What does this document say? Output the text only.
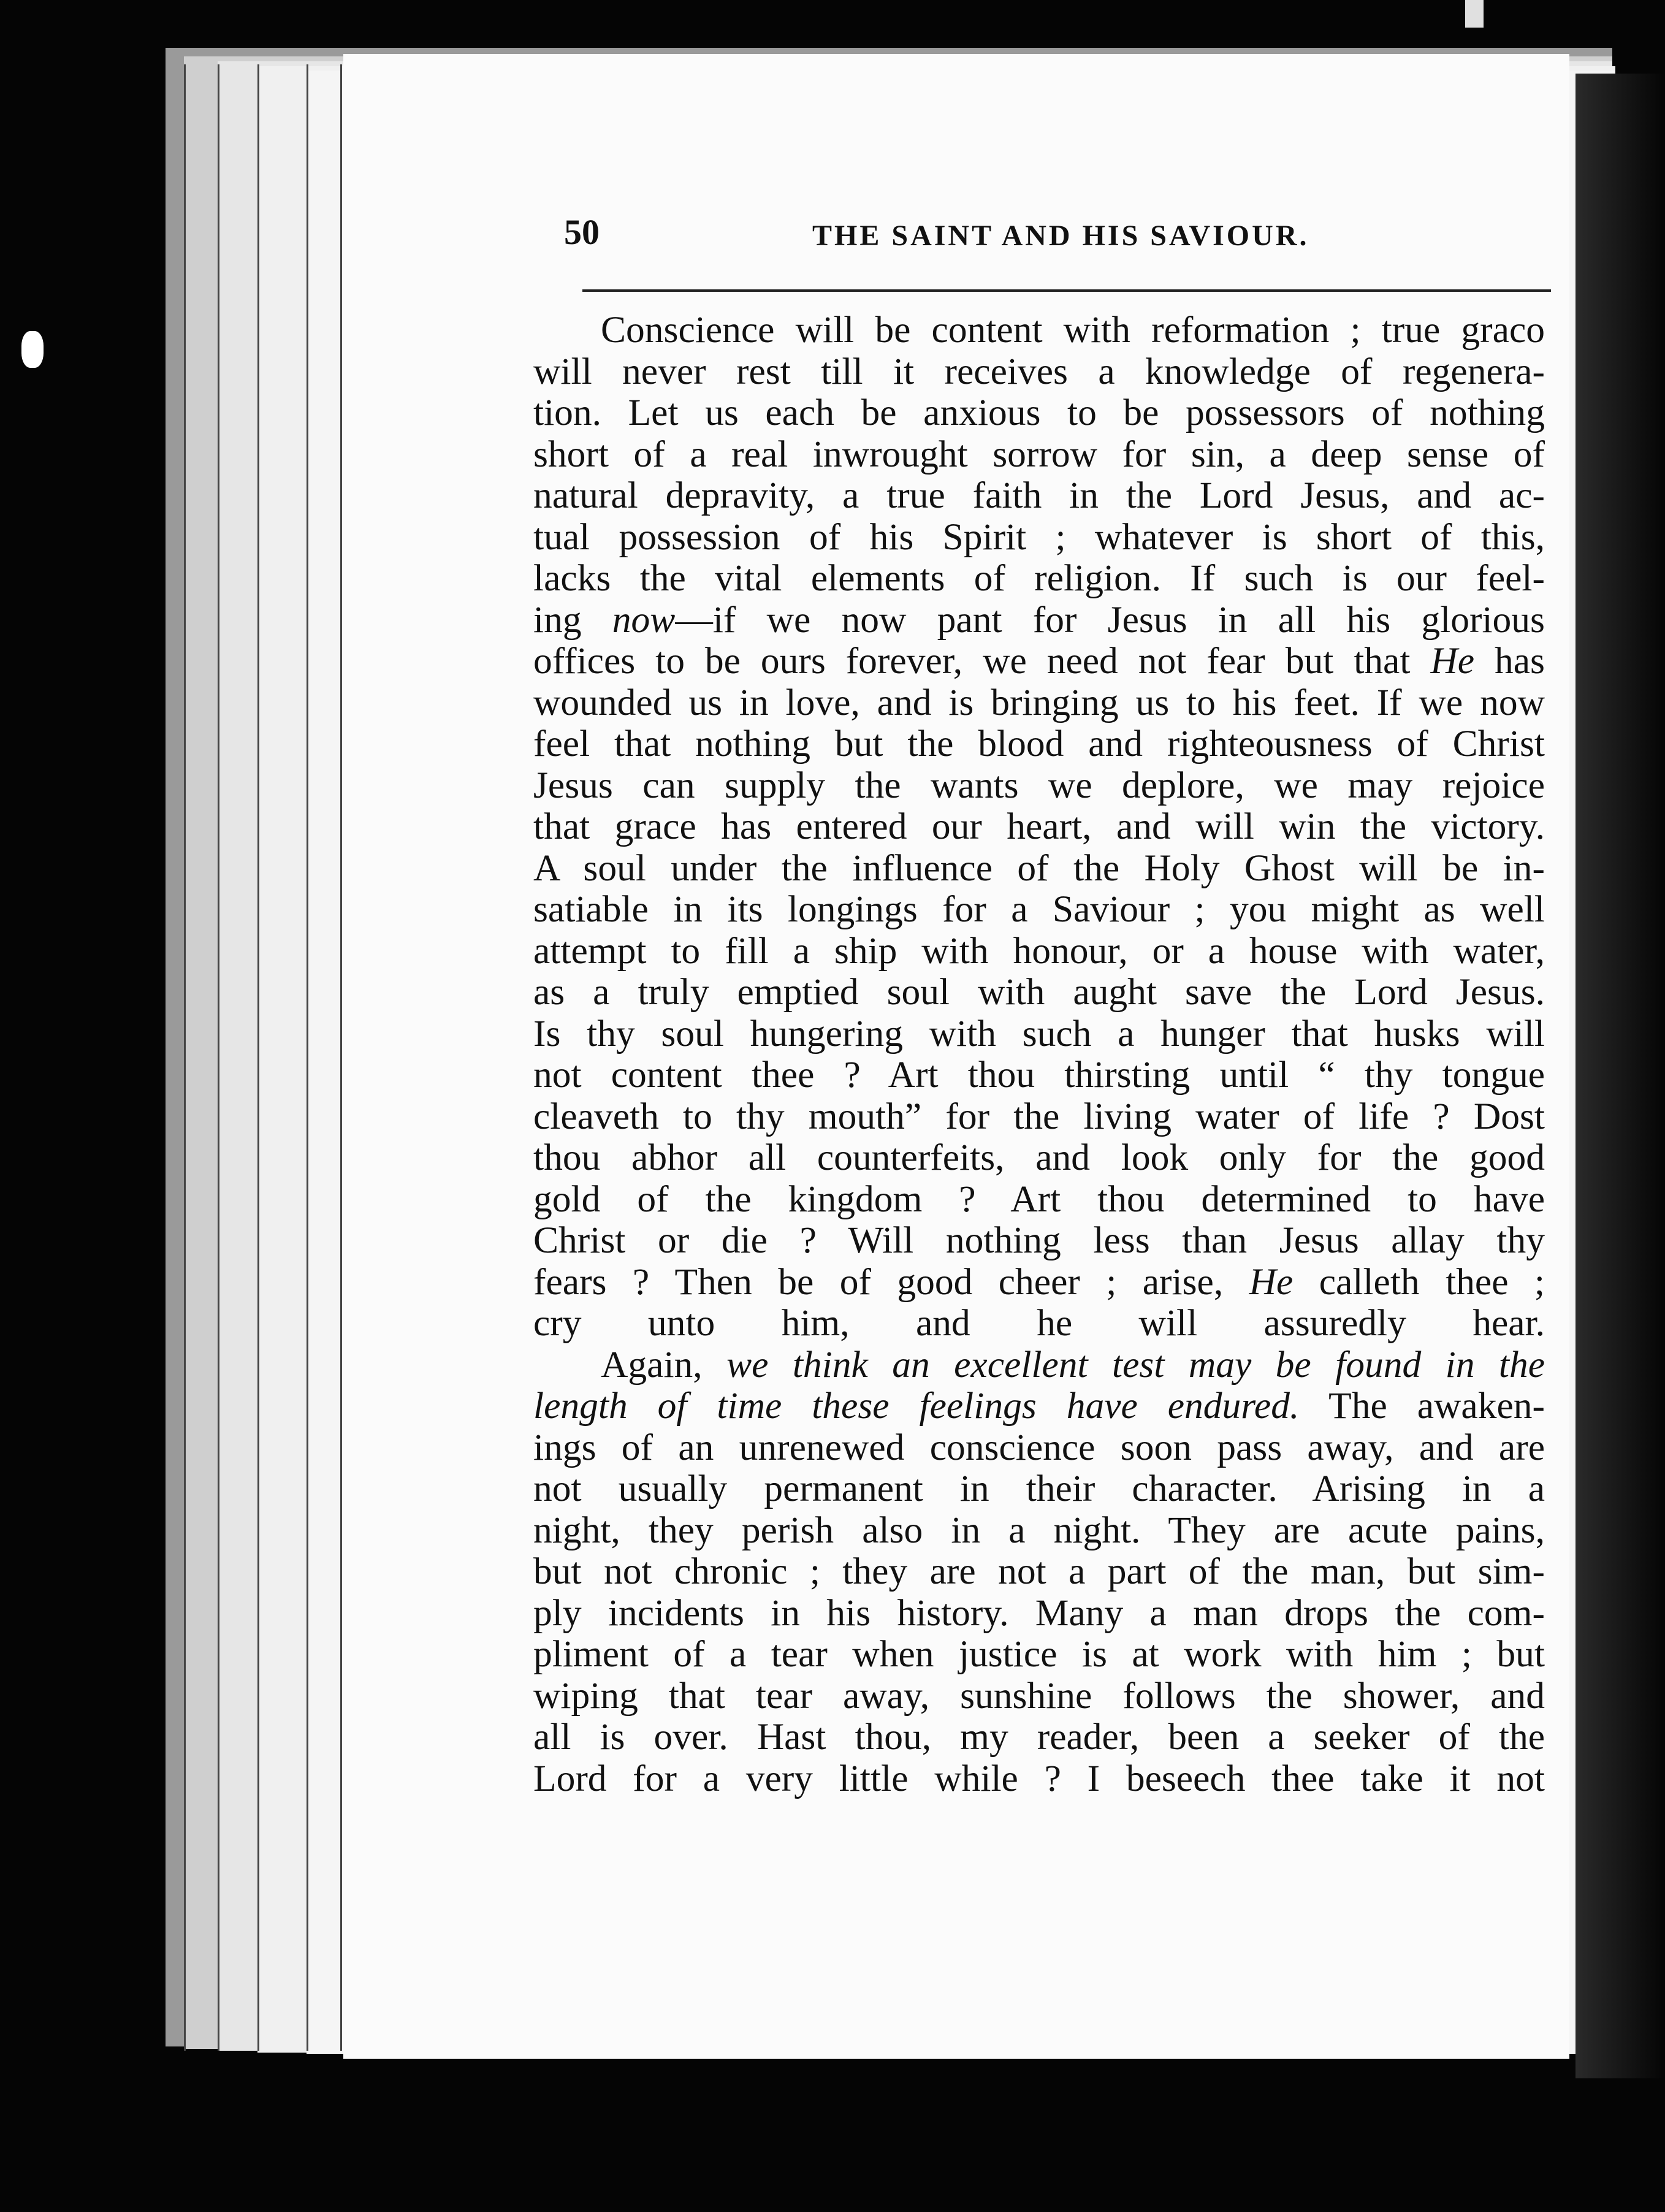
50	THE SAINT AND HIS SAVIOUR.
Conscience will be content with reformation ; true graco
will never rest till it receives a knowledge of regenera-
tion. Let us each be anxious to be possessors of nothing
short of a real inwrought sorrow for sin, a deep sense of
natural depravity, a true faith in the Lord Jesus, and ac-
tual possession of his Spirit ; whatever is short of this,
lacks the vital elements of religion. If such is our feel-
ing now—if we now pant for Jesus in all his glorious
offices to be ours forever, we need not fear but that He has
wounded us in love, and is bringing us to his feet. If we now
feel that nothing but the blood and righteousness of Christ
Jesus can supply the wants we deplore, we may rejoice
that grace has entered our heart, and will win the victory.
A soul under the influence of the Holy Ghost will be in-
satiable in its longings for a Saviour ; you might as well
attempt to fill a ship with honour, or a house with water,
as a truly emptied soul with aught save the Lord Jesus.
Is thy soul hungering with such a hunger that husks will
not content thee ? Art thou thirsting until “ thy tongue
cleaveth to thy mouth” for the living water of life ? Dost
thou abhor all counterfeits, and look only for the good
gold of the kingdom ? Art thou determined to have
Christ or die ? Will nothing less than Jesus allay thy
fears ? Then be of good cheer ; arise, He calleth thee ;
cry unto him, and he will assuredly hear.
Again, we think an excellent test may be found in the
length of time these feelings have endured. The awaken-
ings of an unrenewed conscience soon pass away, and are
not usually permanent in their character. Arising in a
night, they perish also in a night. They are acute pains,
but not chronic ; they are not a part of the man, but sim-
ply incidents in his history. Many a man drops the com-
pliment of a tear when justice is at work with him ; but
wiping that tear away, sunshine follows the shower, and
all is over. Hast thou, my reader, been a seeker of the
Lord for a very little while ? I beseech thee take it not
